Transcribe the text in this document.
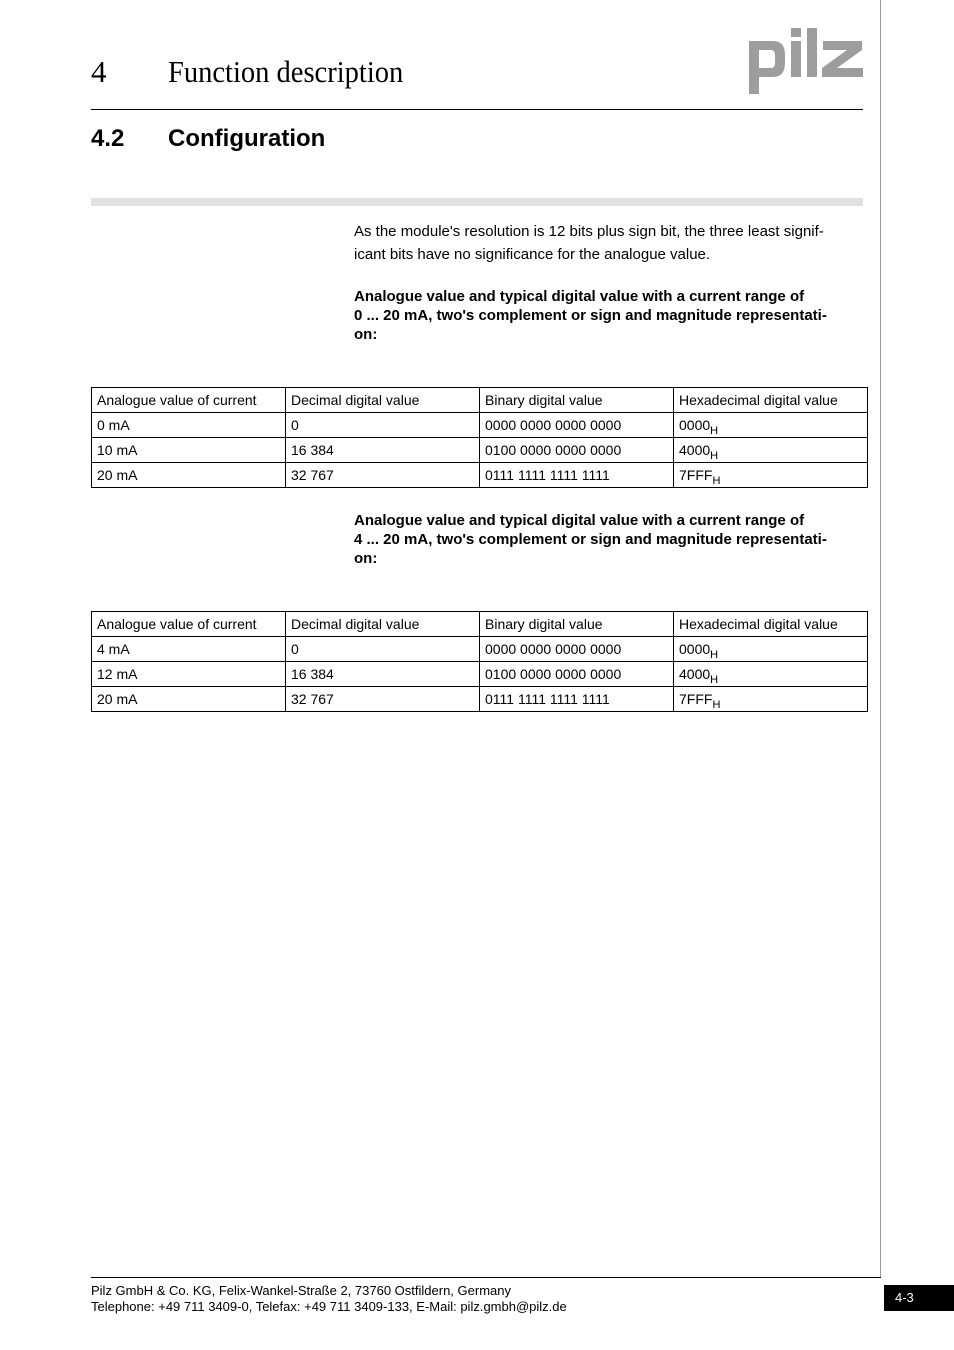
4 Function description
4.2 Configuration
As the module's resolution is 12 bits plus sign bit, the three least signif-
icant bits have no significance for the analogue value.
Analogue value and typical digital value with a current range of
0 ... 20 mA, two's complement or sign and magnitude representati-
on:
Analogue value of current	Decimal digital value	Binary digital value	Hexadecimal digital value
0 mA	0	0000 0000 0000 0000	$0000_H$
10 mA	16 384	0100 0000 0000 0000	$4000_H$
20 mA	32 767	0111 1111 1111 1111	$7FFF_H$
Analogue value and typical digital value with a current range of
4 ... 20 mA, two's complement or sign and magnitude representati-
on:
Analogue value of current	Decimal digital value	Binary digital value	Hexadecimal digital value
4 mA	0	0000 0000 0000 0000	$0000_H$
12 mA	16 384	0100 0000 0000 0000	$4000_H$
20 mA	32 767	0111 1111 1111 1111	$7FFF_H$
Pilz GmbH & Co. KG, Felix-Wankel-Straße 2, 73760 Ostfildern, Germany
Telephone: +49 711 3409-0, Telefax: +49 711 3409-133, E-Mail: pilz.gmbh@pilz.de
4-3
